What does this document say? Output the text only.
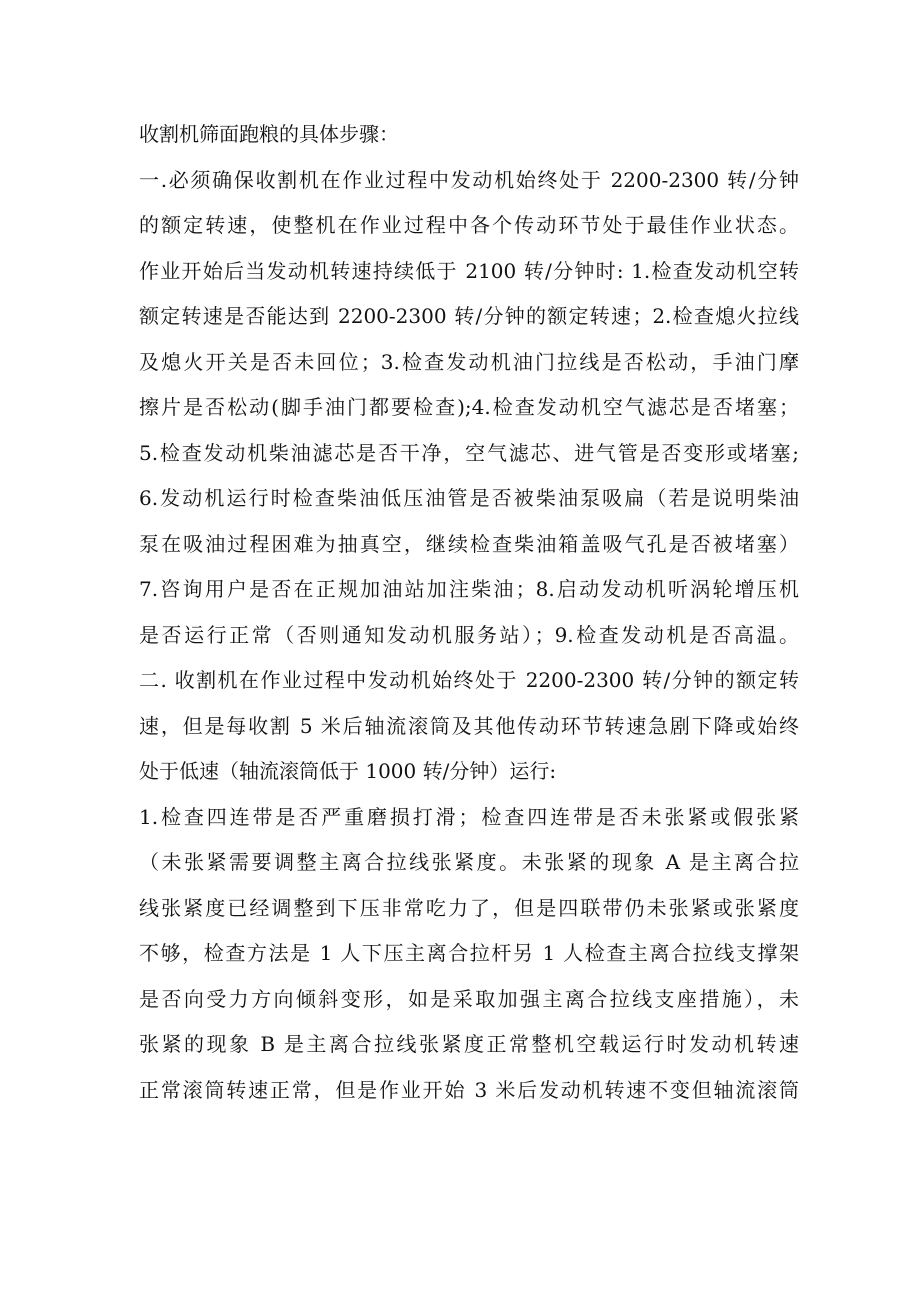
收割机筛面跑粮的具体步骤：
一.必须确保收割机在作业过程中发动机始终处于 2200-2300 转/分钟
的额定转速，使整机在作业过程中各个传动环节处于最佳作业状态。
作业开始后当发动机转速持续低于 2100 转/分钟时: 1.检查发动机空转
额定转速是否能达到 2200-2300 转/分钟的额定转速；2.检查熄火拉线
及熄火开关是否未回位；3.检查发动机油门拉线是否松动，手油门摩
擦片是否松动(脚手油门都要检查);4.检查发动机空气滤芯是否堵塞；
5.检查发动机柴油滤芯是否干净，空气滤芯、进气管是否变形或堵塞;
6.发动机运行时检查柴油低压油管是否被柴油泵吸扁（若是说明柴油
泵在吸油过程困难为抽真空，继续检查柴油箱盖吸气孔是否被堵塞）
7.咨询用户是否在正规加油站加注柴油；8.启动发动机听涡轮增压机
是否运行正常（否则通知发动机服务站）；9.检查发动机是否高温。
二. 收割机在作业过程中发动机始终处于 2200-2300 转/分钟的额定转
速，但是每收割 5 米后轴流滚筒及其他传动环节转速急剧下降或始终
处于低速（轴流滚筒低于 1000 转/分钟）运行:
1.检查四连带是否严重磨损打滑；检查四连带是否未张紧或假张紧
（未张紧需要调整主离合拉线张紧度。未张紧的现象 A 是主离合拉
线张紧度已经调整到下压非常吃力了，但是四联带仍未张紧或张紧度
不够，检查方法是 1 人下压主离合拉杆另 1 人检查主离合拉线支撑架
是否向受力方向倾斜变形，如是采取加强主离合拉线支座措施），未
张紧的现象 B 是主离合拉线张紧度正常整机空载运行时发动机转速
正常滚筒转速正常，但是作业开始 3 米后发动机转速不变但轴流滚筒
